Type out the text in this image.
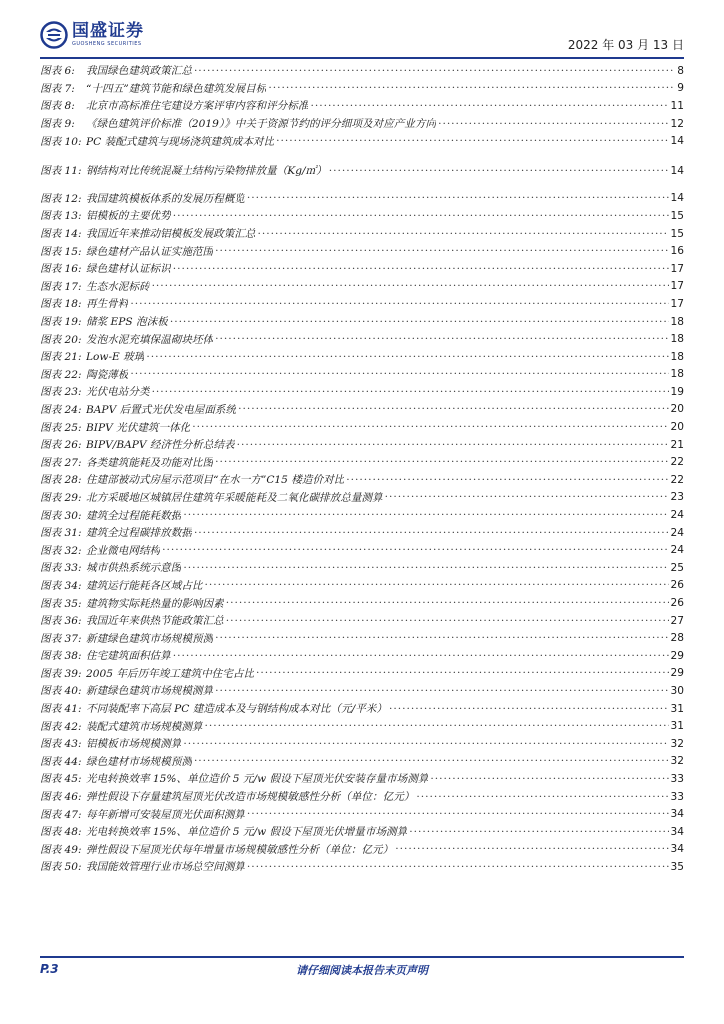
国盛证券
GUOSHENG SECURITIES	2022 年 03 月 13 日
图表 6:	我国绿色建筑政策汇总 .....	8
图表 7:	“十四五”建筑节能和绿色建筑发展目标 .....	9
图表 8:	北京市高标准住宅建设方案评审内容和评分标准 .....	11
图表 9:	《绿色建筑评价标准（2019）》中关于资源节约的评分细项及对应产业方向 .....	12
图表 10: PC 装配式建筑与现场浇筑建筑成本对比 .....	14
图表 11: 钢结构对比传统混凝土结构污染物排放量（Kg/㎡） .....	14
图表 12: 我国建筑模板体系的发展历程概览 .....	14
图表 13: 铝模板的主要优势 .....	15
图表 14: 我国近年来推动铝模板发展政策汇总 .....	15
图表 15: 绿色建材产品认证实施范围 .....	16
图表 16: 绿色建材认证标识 .....	17
图表 17: 生态水泥标砖 .....	17
图表 18: 再生骨料 .....	17
图表 19: 储浆 EPS 泡沫板 .....	18
图表 20: 发泡水泥充填保温砌块坯体 .....	18
图表 21: Low-E 玻璃 .....	18
图表 22: 陶瓷薄板 .....	18
图表 23: 光伏电站分类 .....	19
图表 24: BAPV 后置式光伏发电屋面系统 .....	20
图表 25: BIPV 光伏建筑一体化 .....	20
图表 26: BIPV/BAPV 经济性分析总结表 .....	21
图表 27: 各类建筑能耗及功能对比图 .....	22
图表 28: 住建部被动式房屋示范项目“在水一方”C15 楼造价对比 .....	22
图表 29: 北方采暖地区城镇居住建筑年采暖能耗及二氧化碳排放总量测算 .....	23
图表 30: 建筑全过程能耗数据 .....	24
图表 31: 建筑全过程碳排放数据 .....	24
图表 32: 企业微电网结构 .....	24
图表 33: 城市供热系统示意图 .....	25
图表 34: 建筑运行能耗各区域占比 .....	26
图表 35: 建筑物实际耗热量的影响因素 .....	26
图表 36: 我国近年来供热节能政策汇总 .....	27
图表 37: 新建绿色建筑市场规模预测 .....	28
图表 38: 住宅建筑面积估算 .....	29
图表 39: 2005 年后历年竣工建筑中住宅占比 .....	29
图表 40: 新建绿色建筑市场规模测算 .....	30
图表 41: 不同装配率下高层 PC 建造成本及与钢结构成本对比（元/平米） .....	31
图表 42: 装配式建筑市场规模测算 .....	31
图表 43: 铝模板市场规模测算 .....	32
图表 44: 绿色建材市场规模预测 .....	32
图表 45: 光电转换效率 15%、单位造价 5 元/w 假设下屋顶光伏安装存量市场测算 .....	33
图表 46: 弹性假设下存量建筑屋顶光伏改造市场规模敏感性分析（单位：亿元） .....	33
图表 47: 每年新增可安装屋顶光伏面积测算 .....	34
图表 48: 光电转换效率 15%、单位造价 5 元/w 假设下屋顶光伏增量市场测算 .....	34
图表 49: 弹性假设下屋顶光伏每年增量市场规模敏感性分析（单位：亿元） .....	34
图表 50: 我国能效管理行业市场总空间测算 .....	35
P.3	请仔细阅读本报告末页声明
